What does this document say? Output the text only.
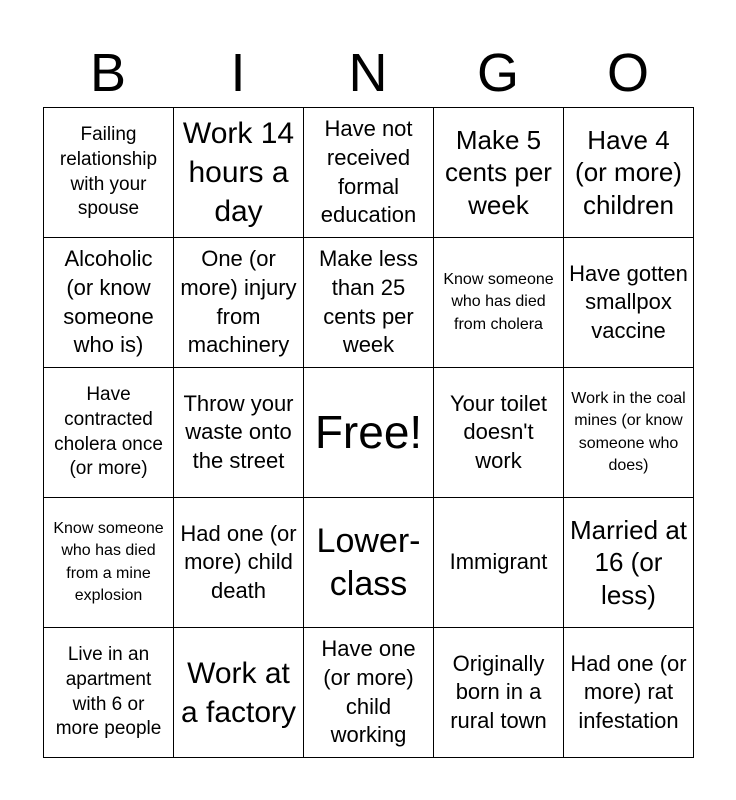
B	I	N	G	O
Failing relationship with your spouse	Work 14 hours a day	Have not received formal education	Make 5 cents per week	Have 4 (or more) children
Alcoholic (or know someone who is)	One (or more) injury from machinery	Make less than 25 cents per week	Know someone who has died from cholera	Have gotten smallpox vaccine
Have contracted cholera once (or more)	Throw your waste onto the street	Free!	Your toilet doesn't work	Work in the coal mines (or know someone who does)
Know someone who has died from a mine explosion	Had one (or more) child death	Lower-class	Immigrant	Married at 16 (or less)
Live in an apartment with 6 or more people	Work at a factory	Have one (or more) child working	Originally born in a rural town	Had one (or more) rat infestation
